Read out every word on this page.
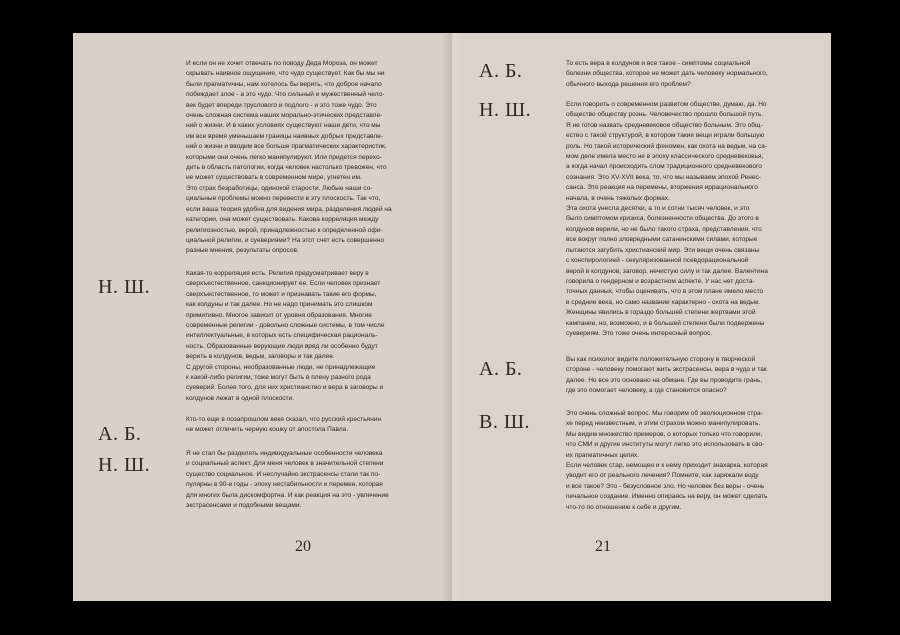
И если он не хочет отвечать по поводу Деда Мороза, он может
скрывать наивное ощущение, что чудо существует. Как бы мы ни
были прагматичны, нам хотелось бы верить, что доброе начало
побеждает злое - а это чудо. Что сильный и мужественный чело-
век будет впереди труслового и подлого - и это тоже чудо. Это
очень сложная система наших морально-этических представле-
ний о жизни. И в каких условиях существуют наши дети, что мы
им все время уменьшаем границы наивных добрых представле-
ний о жизни и вводим все больше прагматических характеристик,
которыми они очень легко манипулируют. Или придется перехо-
дить в область патологии, когда человек настолько тревожен, что
не может существовать в современном мире, угнетен им.
Это страх безработицы, одинокой старости. Любые наши со-
циальные проблемы можно перевести в эту плоскость. Так что,
если ваша теория удобна для видения мира, разделения людей на
категории, она может существовать. Какова корреляция между
религиозностью, верой, принадлежностью к определенной офи-
циальной религии, и суевериями? На этот счет есть совершенно
разные мнения, результаты опросов.
Н. Ш.
Какая-то корреляция есть. Религия предусматривает веру в
сверхъестественное, санкционирует ее. Если человек признает
сверхъестественное, то может и признавать такие его формы,
как колдуны и так далее. Но не надо принимать это слишком
примитивно. Многое зависит от уровня образования. Многие
современные религии - довольно сложные системы, в том числе
интеллектуальные, в которых есть специфическая рациональ-
ность. Образованные верующие люди вряд ли особенно будут
верить в колдунов, ведьм, заговоры и так далее.
С другой стороны, необразованные люди, не принадлежащие
к какой-либо религии, тоже могут быть в плену разного рода
суеверий. Более того, для них христианство и вера в заговоры и
колдунов лежат в одной плоскости.
А. Б.
Кто-то еще в позапрошлом веке сказал, что русский крестьянин
не может отличить черную кошку от апостола Павла.
Н. Ш.
Я не стал бы разделять индивидуальные особенности человека
и социальный аспект. Для меня человек в значительной степени
существо социальное. И неслучайно экстрасенсы стали так по-
пулярны в 90-е годы - эпоху нестабильности и перемен, которая
для многих была дискомфортна. И как реакция на это - увлечение
экстрасенсами и подобными вещами.
20
А. Б.	То есть вера в колдунов и все такое - симптомы социальной
болезни общества, которое не может дать человеку нормального,
обычного выхода решения его проблем?
Н. Ш.	Если говорить о современном развитом обществе, думаю, да. Но
общество обществу рознь. Человечество прошло большой путь.
Я не готов назвать средневековое общество больным. Это общ-
ество с такой структурой, в котором такие вещи играли большую
роль. Но такой исторический феномен, как охота на ведьм, на са-
мом деле имела место не в эпоху классического средневековья,
а когда начал происходить слом традиционного средневекового
сознания. Это XV-XVII века, то, что мы называем эпохой Ренес-
санса. Это реакция на перемены, вторжения иррационального
начала, в очень тяжелых формах.
Эта охота унесла десятки, а то и сотни тысяч человек, и это
было симптомом кризиса, болезненности общества. До этого в
колдунов верили, но не было такого страха, представления, что
все вокруг полно зловредными сатанинскими силами, которые
пытаются загубить христианский мир. Эти вещи очень связаны
с конспирологией - секуляризованной псевдорациональной
верой в колдунов, заговор, нечистую силу и так далее. Валентина
говорила о гендерном и возрастном аспекте. У нас нет доста-
точных данных, чтобы оценивать, что в этом плане имело место
в средние века, но само название характерно - охота на ведьм.
Женщины явились в гораздо большей степени жертвами этой
кампании, но, возможно, и в большей степени были подвержены
суевериям. Это тоже очень интересный вопрос.
А. Б.	Вы как психолог видите положительную сторону в творческой
стороне - человеку помогают жить экстрасенсы, вера в чудо и так
далее. Но все это основано на обмане. Где вы проводите грань,
где это помогает человеку, а где становится опасно?
В. Ш.	Это очень сложный вопрос. Мы говорим об эволюционном стра-
хе перед неизвестным, и этим страхом можно манипулировать.
Мы видим множество примеров, о которых только что говорили,
что СМИ и другие институты могут легко это использовать в сво-
их прагматичных целях.
Если человек стар, немощен и к нему приходит знахарка, которая
уводит его от реального лечения? Помните, как заряжали воду
и все такое? Это - безусловное зло. Но человек без веры - очень
печальное создание. Именно опираясь на веру, он может сделать
что-то по отношению к себе и другим.
21
